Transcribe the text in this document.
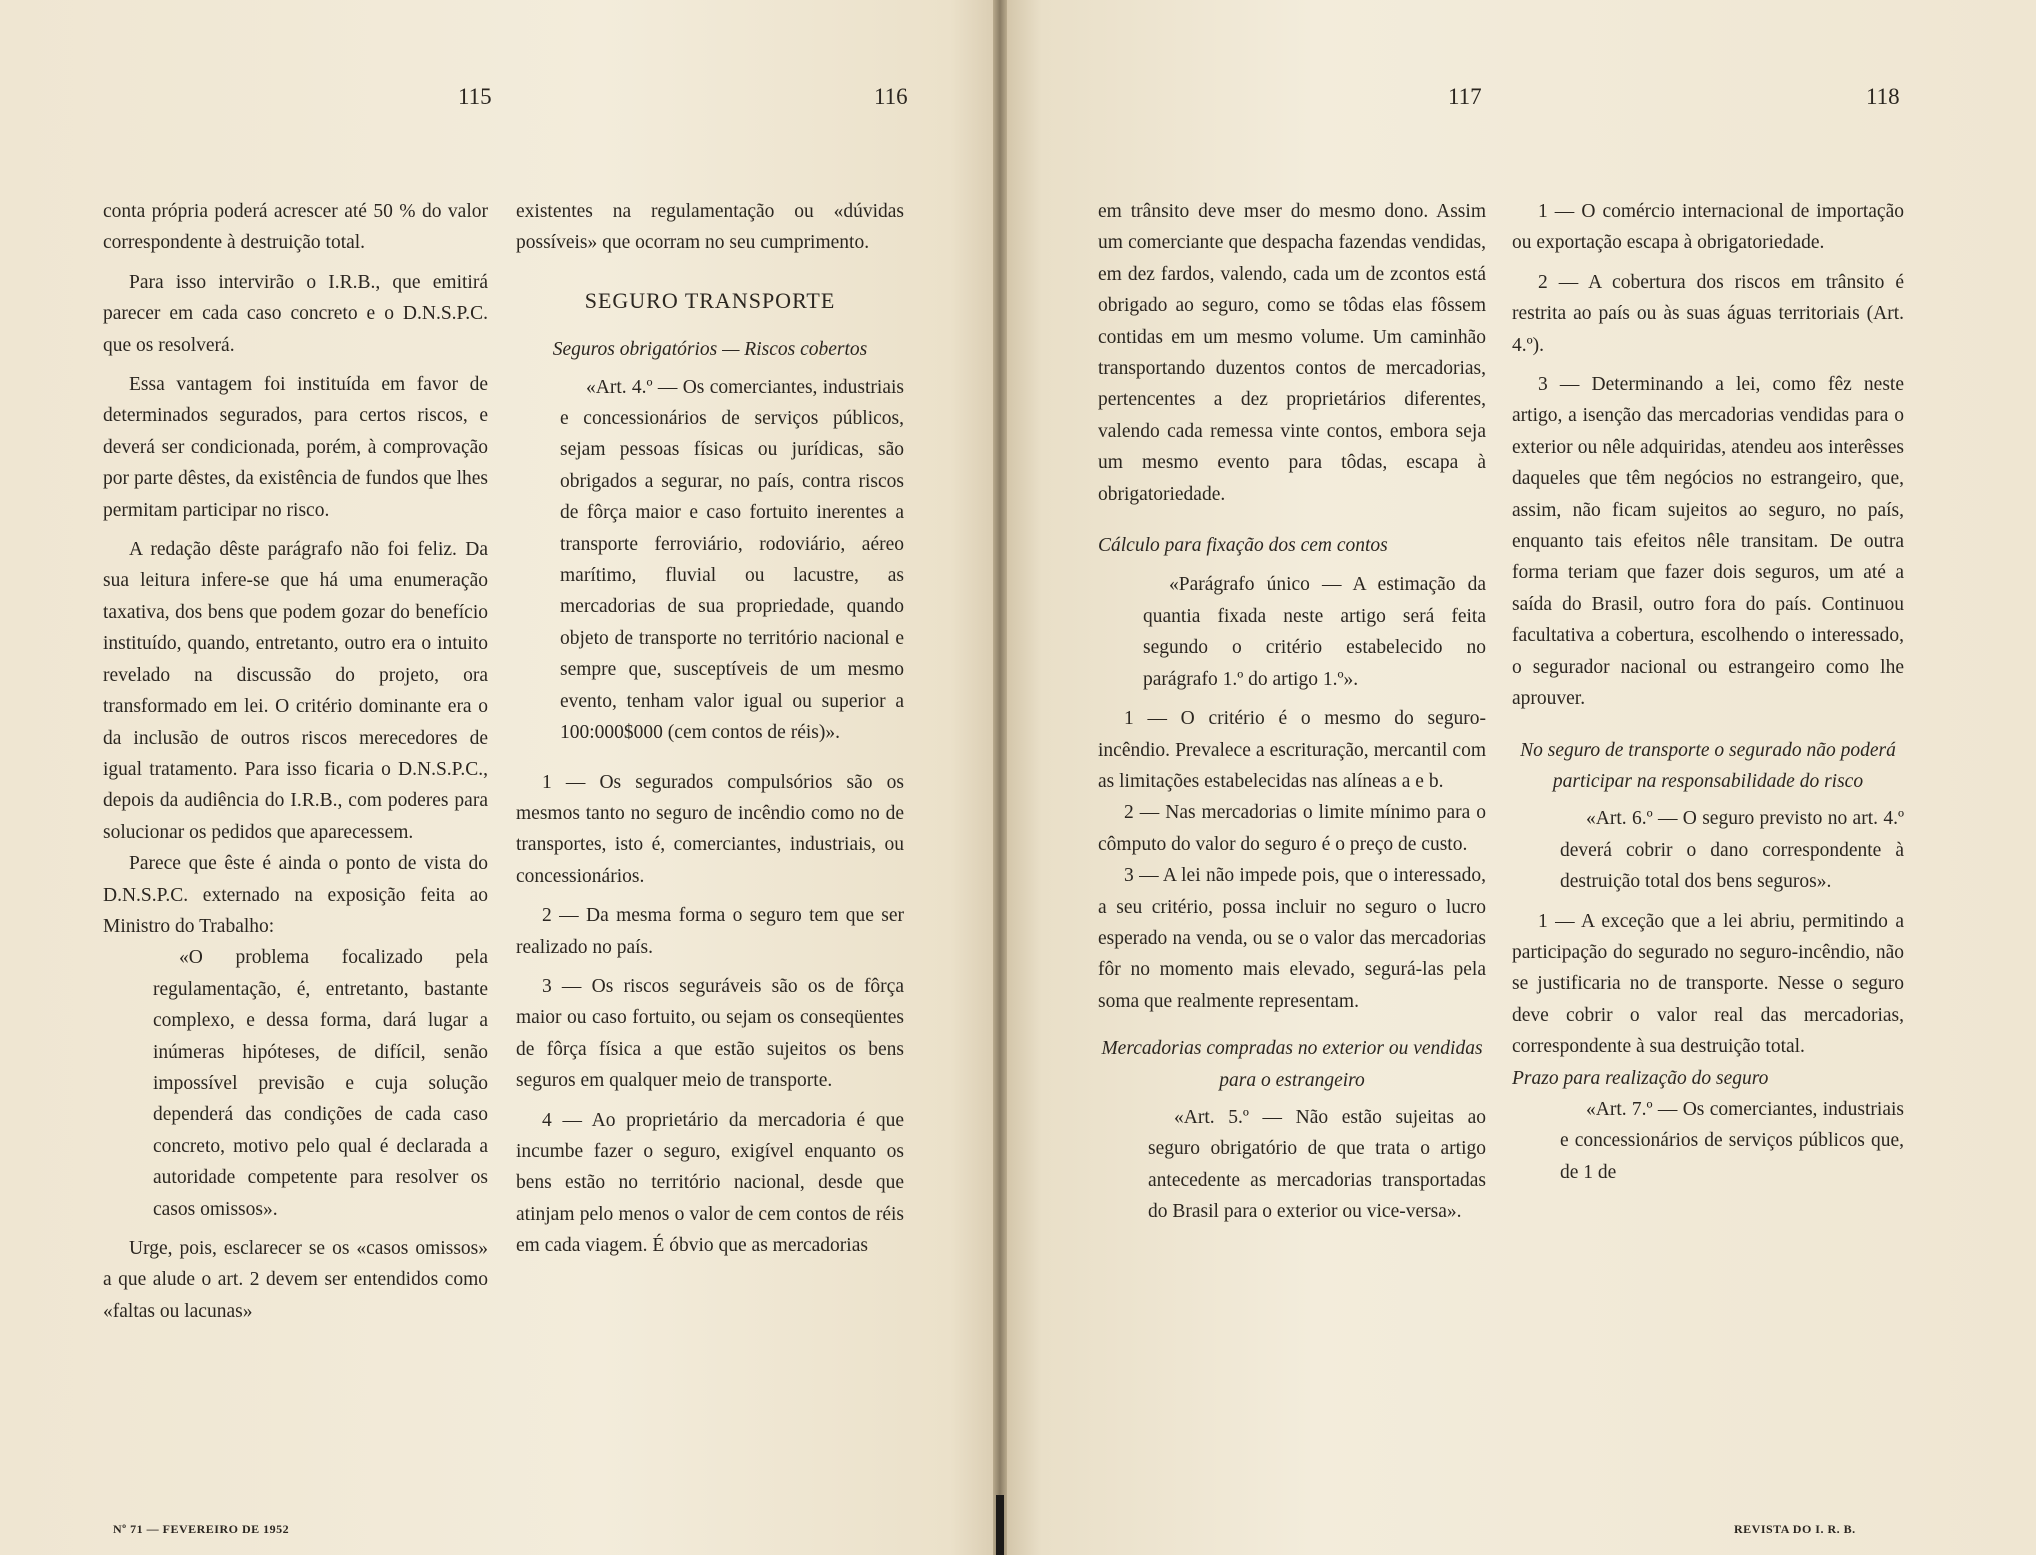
115	116	117	118

conta própria poderá acrescer até 50 % do valor correspondente à destruição total.

Para isso intervirão o I.R.B., que emitirá parecer em cada caso concreto e o D.N.S.P.C. que os resolverá.

Essa vantagem foi instituída em favor de determinados segurados, para certos riscos, e deverá ser condicionada, porém, à comprovação por parte dêstes, da existência de fundos que lhes permitam participar no risco.

A redação dêste parágrafo não foi feliz. Da sua leitura infere-se que há uma enumeração taxativa, dos bens que podem gozar do benefício instituído, quando, entretanto, outro era o intuito revelado na discussão do projeto, ora transformado em lei. O critério dominante era o da inclusão de outros riscos merecedores de igual tratamento. Para isso ficaria o D.N.S.P.C., depois da audiência do I.R.B., com poderes para solucionar os pedidos que aparecessem.

Parece que êste é ainda o ponto de vista do D.N.S.P.C. externado na exposição feita ao Ministro do Trabalho:

«O problema focalizado pela regulamentação, é, entretanto, bastante complexo, e dessa forma, dará lugar a inúmeras hipóteses, de difícil, senão impossível previsão e cuja solução dependerá das condições de cada caso concreto, motivo pelo qual é declarada a autoridade competente para resolver os casos omissos».

Urge, pois, esclarecer se os «casos omissos» a que alude o art. 2 devem ser entendidos como «faltas ou lacunas»

existentes na regulamentação ou «dúvidas possíveis» que ocorram no seu cumprimento.

SEGURO TRANSPORTE

Seguros obrigatórios — Riscos cobertos

«Art. 4.º — Os comerciantes, industriais e concessionários de serviços públicos, sejam pessoas físicas ou jurídicas, são obrigados a segurar, no país, contra riscos de fôrça maior e caso fortuito inerentes a transporte ferroviário, rodoviário, aéreo marítimo, fluvial ou lacustre, as mercadorias de sua propriedade, quando objeto de transporte no território nacional e sempre que, susceptíveis de um mesmo evento, tenham valor igual ou superior a 100:000$000 (cem contos de réis)».

1 — Os segurados compulsórios são os mesmos tanto no seguro de incêndio como no de transportes, isto é, comerciantes, industriais, ou concessionários.

2 — Da mesma forma o seguro tem que ser realizado no país.

3 — Os riscos seguráveis são os de fôrça maior ou caso fortuito, ou sejam os conseqüentes de fôrça física a que estão sujeitos os bens seguros em qualquer meio de transporte.

4 — Ao proprietário da mercadoria é que incumbe fazer o seguro, exigível enquanto os bens estão no território nacional, desde que atinjam pelo menos o valor de cem contos de réis em cada viagem. É óbvio que as mercadorias

em trânsito deve mser do mesmo dono. Assim um comerciante que despacha fazendas vendidas, em dez fardos, valendo, cada um de zcontos está obrigado ao seguro, como se tôdas elas fôssem contidas em um mesmo volume. Um caminhão transportando duzentos contos de mercadorias, pertencentes a dez proprietários diferentes, valendo cada remessa vinte contos, embora seja um mesmo evento para tôdas, escapa à obrigatoriedade.

Cálculo para fixação dos cem contos

«Parágrafo único — A estimação da quantia fixada neste artigo será feita segundo o critério estabelecido no parágrafo 1.º do artigo 1.º».

1 — O critério é o mesmo do seguro-incêndio. Prevalece a escrituração, mercantil com as limitações estabelecidas nas alíneas a e b.

2 — Nas mercadorias o limite mínimo para o cômputo do valor do seguro é o preço de custo.

3 — A lei não impede pois, que o interessado, a seu critério, possa incluir no seguro o lucro esperado na venda, ou se o valor das mercadorias fôr no momento mais elevado, segurá-las pela soma que realmente representam.

Mercadorias compradas no exterior ou vendidas para o estrangeiro

«Art. 5.º — Não estão sujeitas ao seguro obrigatório de que trata o artigo antecedente as mercadorias transportadas do Brasil para o exterior ou vice-versa».

1 — O comércio internacional de importação ou exportação escapa à obrigatoriedade.

2 — A cobertura dos riscos em trânsito é restrita ao país ou às suas águas territoriais (Art. 4.º).

3 — Determinando a lei, como fêz neste artigo, a isenção das mercadorias vendidas para o exterior ou nêle adquiridas, atendeu aos interêsses daqueles que têm negócios no estrangeiro, que, assim, não ficam sujeitos ao seguro, no país, enquanto tais efeitos nêle transitam. De outra forma teriam que fazer dois seguros, um até a saída do Brasil, outro fora do país. Continuou facultativa a cobertura, escolhendo o interessado, o segurador nacional ou estrangeiro como lhe aprouver.

No seguro de transporte o segurado não poderá participar na responsabilidade do risco

«Art. 6.º — O seguro previsto no art. 4.º deverá cobrir o dano correspondente à destruição total dos bens seguros».

1 — A exceção que a lei abriu, permitindo a participação do segurado no seguro-incêndio, não se justificaria no de transporte. Nesse o seguro deve cobrir o valor real das mercadorias, correspondente à sua destruição total.

Prazo para realização do seguro

«Art. 7.º — Os comerciantes, industriais e concessionários de serviços públicos que, de 1 de

Nº 71 — FEVEREIRO DE 1952	REVISTA DO I. R. B.
